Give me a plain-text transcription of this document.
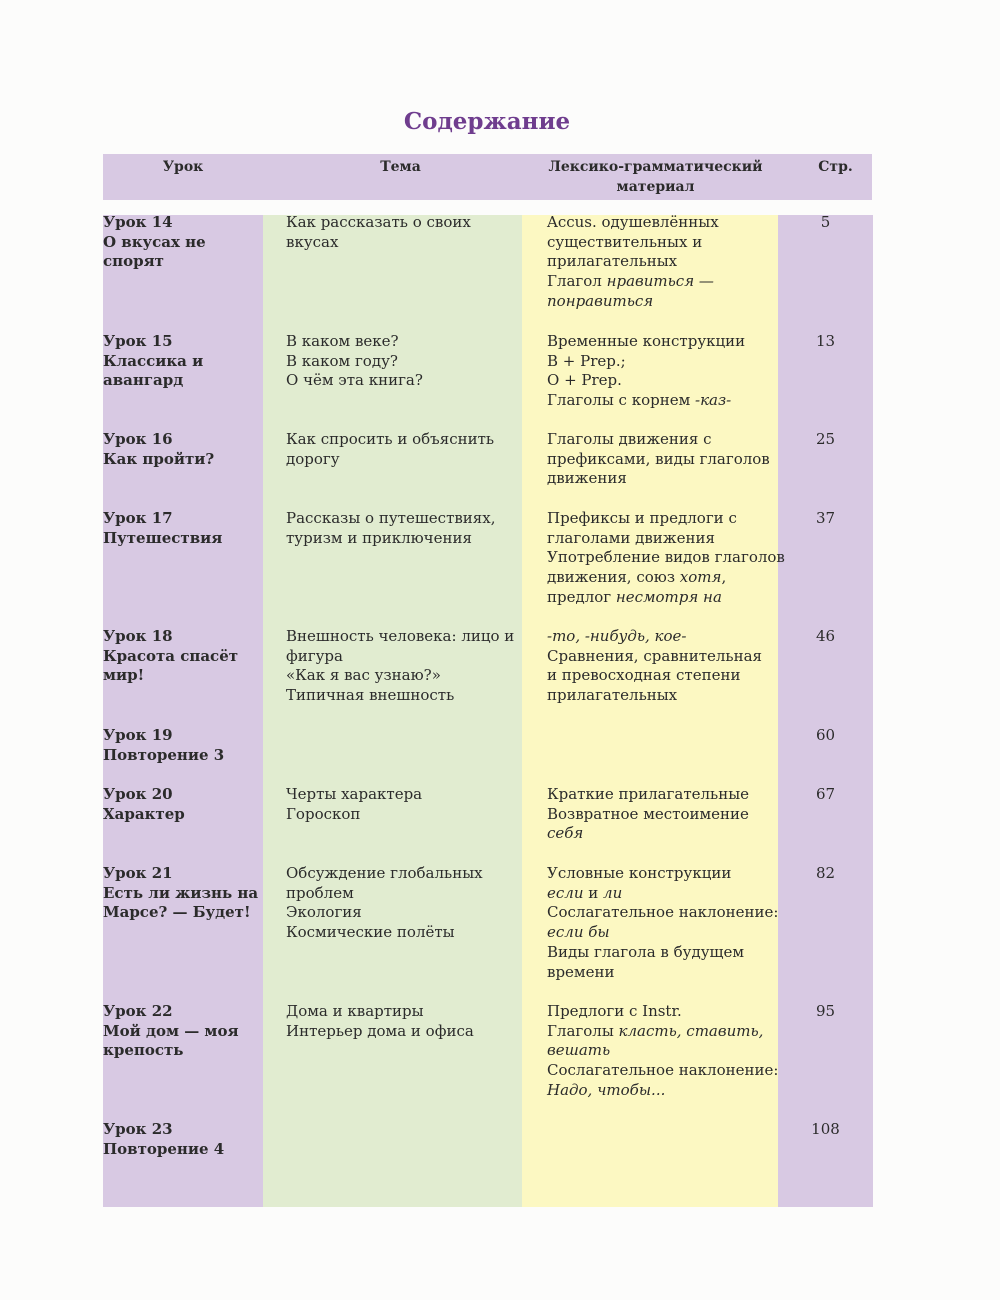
Содержание
Урок	Тема	Лексико-грамматический
материал
Стр.
Урок 14
О вкусах не спорят
Как рассказать о своих
вкусах
Accus. одушевлённых
существительных и
прилагательных
Глагол нравиться —
понравиться
5
Урок 15
Классика и
авангард
В каком веке?
В каком году?
О чём эта книга?
Временные конструкции
В + Prep.;
О + Prep.
Глаголы с корнем -каз-
13
Урок 16
Как пройти?
Как спросить и объяснить
дорогу
Глаголы движения с
префиксами, виды глаголов
движения
25
Урок 17
Путешествия
Рассказы о путешествиях,
туризм и приключения
Префиксы и предлоги с
глаголами движения
Употребление видов глаголов
движения, союз хотя,
предлог несмотря на
37
Урок 18
Красота спасёт
мир!
Внешность человека: лицо и
фигура
«Как я вас узнаю?»
Типичная внешность
-то, -нибудь, кое-
Сравнения, сравнительная
и превосходная степени
прилагательных
46
Урок 19
Повторение 3
60
Урок 20
Характер
Черты характера
Гороскоп
Краткие прилагательные
Возвратное местоимение
себя
67
Урок 21
Есть ли жизнь на
Марсе? — Будет!
Обсуждение глобальных
проблем
Экология
Космические полёты
Условные конструкции
если и ли
Сослагательное наклонение:
если бы
Виды глагола в будущем
времени
82
Урок 22
Мой дом — моя
крепость
Дома и квартиры
Интерьер дома и офиса
Предлоги с Instr.
Глаголы класть, ставить,
вешать
Сослагательное наклонение:
Надо, чтобы...
95
Урок 23
Повторение 4
108
